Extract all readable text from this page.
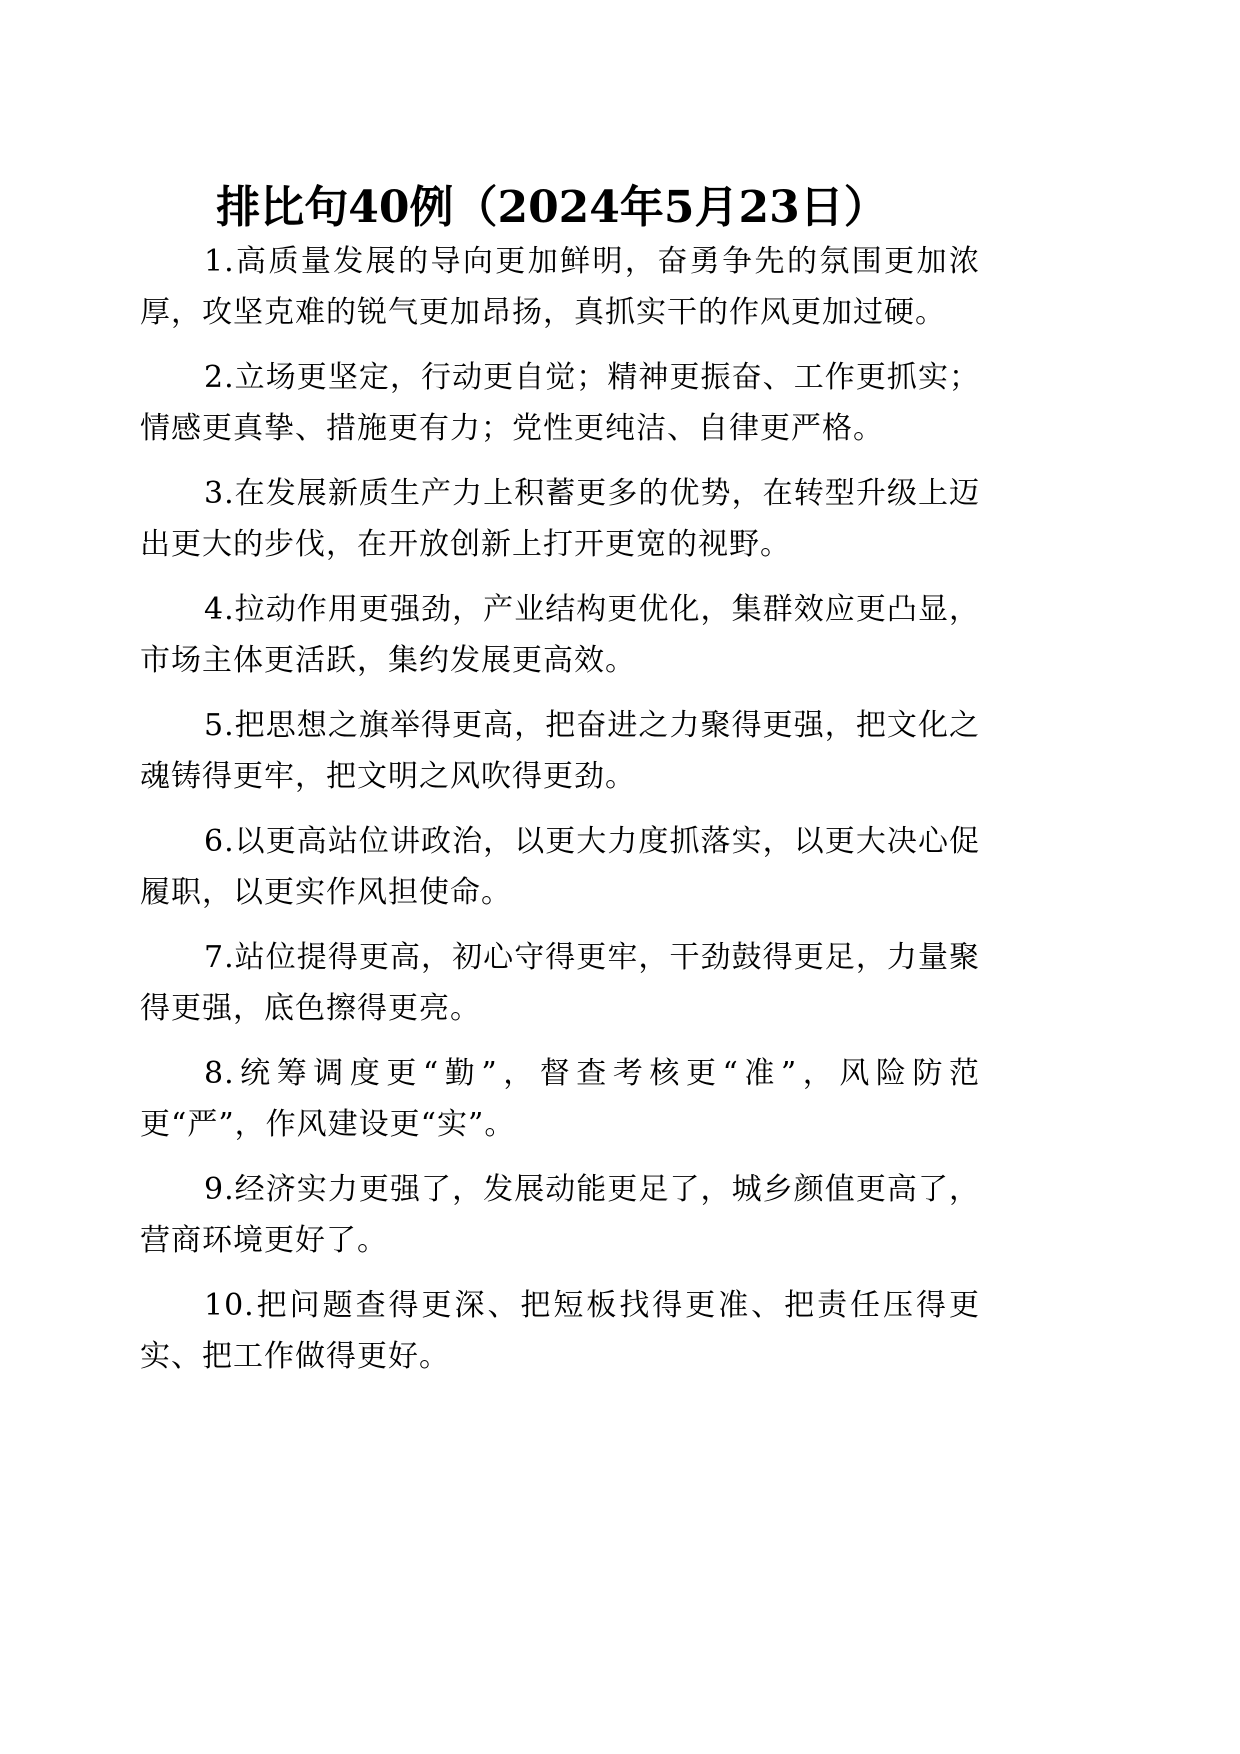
排比句40例（2024年5月23日）

1.高质量发展的导向更加鲜明，奋勇争先的氛围更加浓厚，攻坚克难的锐气更加昂扬，真抓实干的作风更加过硬。

2.立场更坚定，行动更自觉；精神更振奋、工作更抓实；情感更真挚、措施更有力；党性更纯洁、自律更严格。

3.在发展新质生产力上积蓄更多的优势，在转型升级上迈出更大的步伐，在开放创新上打开更宽的视野。

4.拉动作用更强劲，产业结构更优化，集群效应更凸显，市场主体更活跃，集约发展更高效。

5.把思想之旗举得更高，把奋进之力聚得更强，把文化之魂铸得更牢，把文明之风吹得更劲。

6.以更高站位讲政治，以更大力度抓落实，以更大决心促履职，以更实作风担使命。

7.站位提得更高，初心守得更牢，干劲鼓得更足，力量聚得更强，底色擦得更亮。

8.统筹调度更“勤”，督查考核更“准”，风险防范更“严”，作风建设更“实”。

9.经济实力更强了，发展动能更足了，城乡颜值更高了，营商环境更好了。

10.把问题查得更深、把短板找得更准、把责任压得更实、把工作做得更好。
